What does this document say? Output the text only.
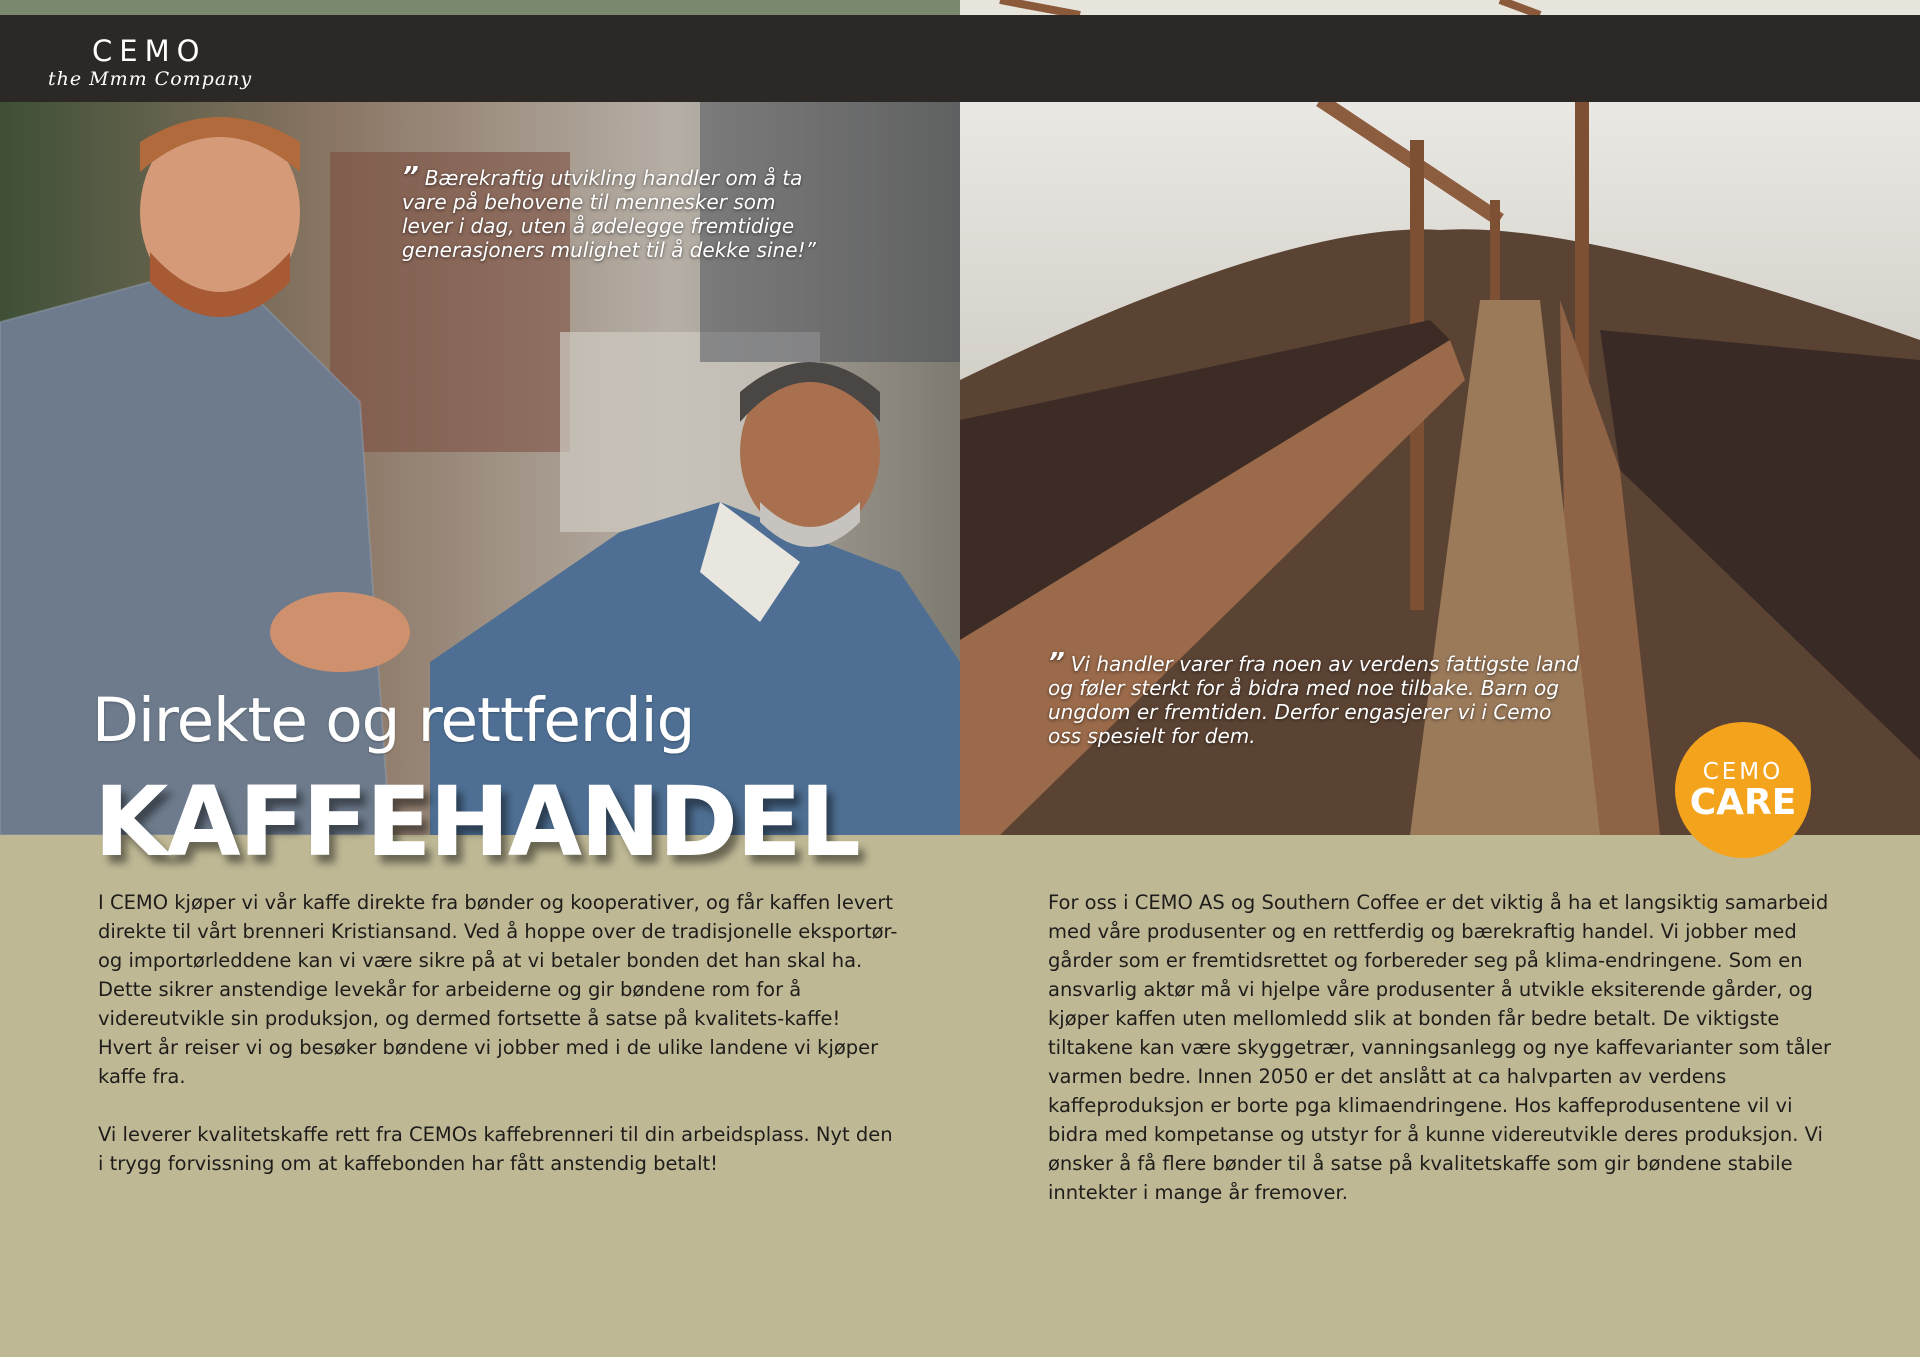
CEMO
the Mmm Company
” Bærekraftig utvikling handler om å ta vare på behovene til mennesker som lever i dag, uten å ødelegge fremtidige generasjoners mulighet til å dekke sine!”
” Vi handler varer fra noen av verdens fattigste land og føler sterkt for å bidra med noe tilbake. Barn og ungdom er fremtiden. Derfor engasjerer vi i Cemo oss spesielt for dem.
Direkte og rettferdig
KAFFEHANDEL	CEMO
CARE

I CEMO kjøper vi vår kaffe direkte fra bønder og kooperativer, og får kaffen levert direkte til vårt brenneri Kristiansand. Ved å hoppe over de tradisjonelle eksportør- og importørleddene kan vi være sikre på at vi betaler bonden det han skal ha. Dette sikrer anstendige levekår for arbeiderne og gir bøndene rom for å videreutvikle sin produksjon, og dermed fortsette å satse på kvalitets-kaffe! Hvert år reiser vi og besøker bøndene vi jobber med i de ulike landene vi kjøper kaffe fra.

Vi leverer kvalitetskaffe rett fra CEMOs kaffebrenneri til din arbeidsplass. Nyt den i trygg forvissning om at kaffebonden har fått anstendig betalt!

For oss i CEMO AS og Southern Coffee er det viktig å ha et langsiktig samarbeid med våre produsenter og en rettferdig og bærekraftig handel. Vi jobber med gårder som er fremtidsrettet og forbereder seg på klima-endringene. Som en ansvarlig aktør må vi hjelpe våre produsenter å utvikle eksiterende gårder, og kjøper kaffen uten mellomledd slik at bonden får bedre betalt. De viktigste tiltakene kan være skyggetrær, vanningsanlegg og nye kaffevarianter som tåler varmen bedre. Innen 2050 er det anslått at ca halvparten av verdens kaffeproduksjon er borte pga klimaendringene. Hos kaffeprodusentene vil vi bidra med kompetanse og utstyr for å kunne videreutvikle deres produksjon. Vi ønsker å få flere bønder til å satse på kvalitetskaffe som gir bøndene stabile inntekter i mange år fremover.
